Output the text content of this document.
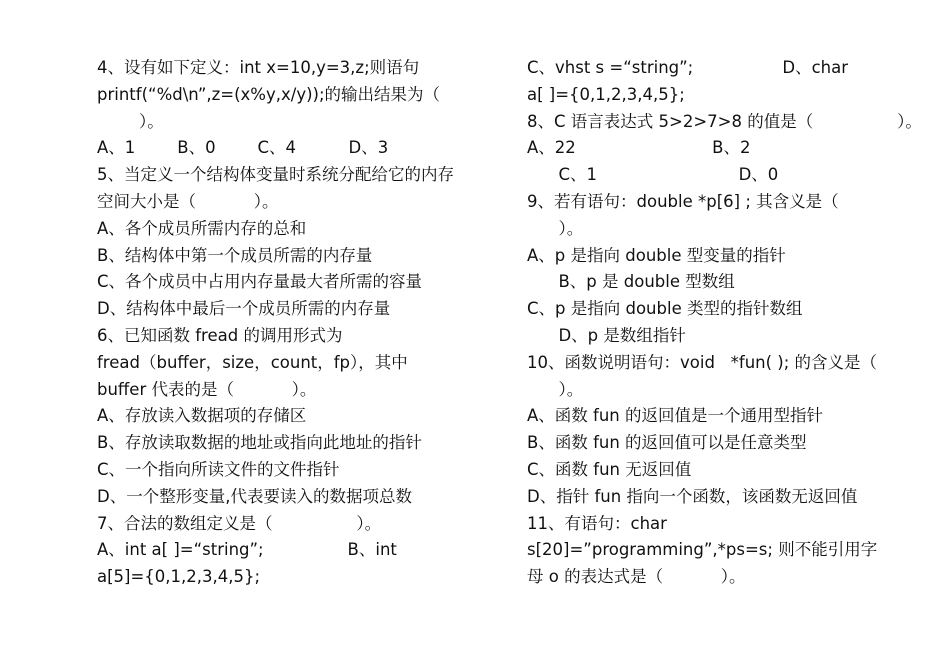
4、设有如下定义：int x=10,y=3,z;则语句
printf(“%d\n”,z=(x%y,x/y));的输出结果为（
）。
A、1        B、0        C、4          D、3
5、当定义一个结构体变量时系统分配给它的内存
空间大小是（           ）。
A、各个成员所需内存的总和
B、结构体中第一个成员所需的内存量
C、各个成员中占用内存量最大者所需的容量
D、结构体中最后一个成员所需的内存量
6、已知函数 fread 的调用形式为
fread（buffer，size，count，fp），其中
buffer 代表的是（           ）。
A、存放读入数据项的存储区
B、存放读取数据的地址或指向此地址的指针
C、一个指向所读文件的文件指针
D、一个整形变量,代表要读入的数据项总数
7、合法的数组定义是（                ）。
A、int a[ ]=“string”;                B、int
a[5]={0,1,2,3,4,5};
C、vhst s =“string”;                 D、char
a[ ]={0,1,2,3,4,5};
8、C 语言表达式 5>2>7>8 的值是（                ）。
A、22                          B、2
C、1                           D、0
9、若有语句：double *p[6] ; 其含义是（
）。
A、p 是指向 double 型变量的指针
B、p 是 double 型数组
C、p 是指向 double 类型的指针数组
D、p 是数组指针
10、函数说明语句：void   *fun( ); 的含义是（
）。
A、函数 fun 的返回值是一个通用型指针
B、函数 fun 的返回值可以是任意类型
C、函数 fun 无返回值
D、指针 fun 指向一个函数，该函数无返回值
11、有语句：char
s[20]=”programming”,*ps=s; 则不能引用字
母 o 的表达式是（           ）。
